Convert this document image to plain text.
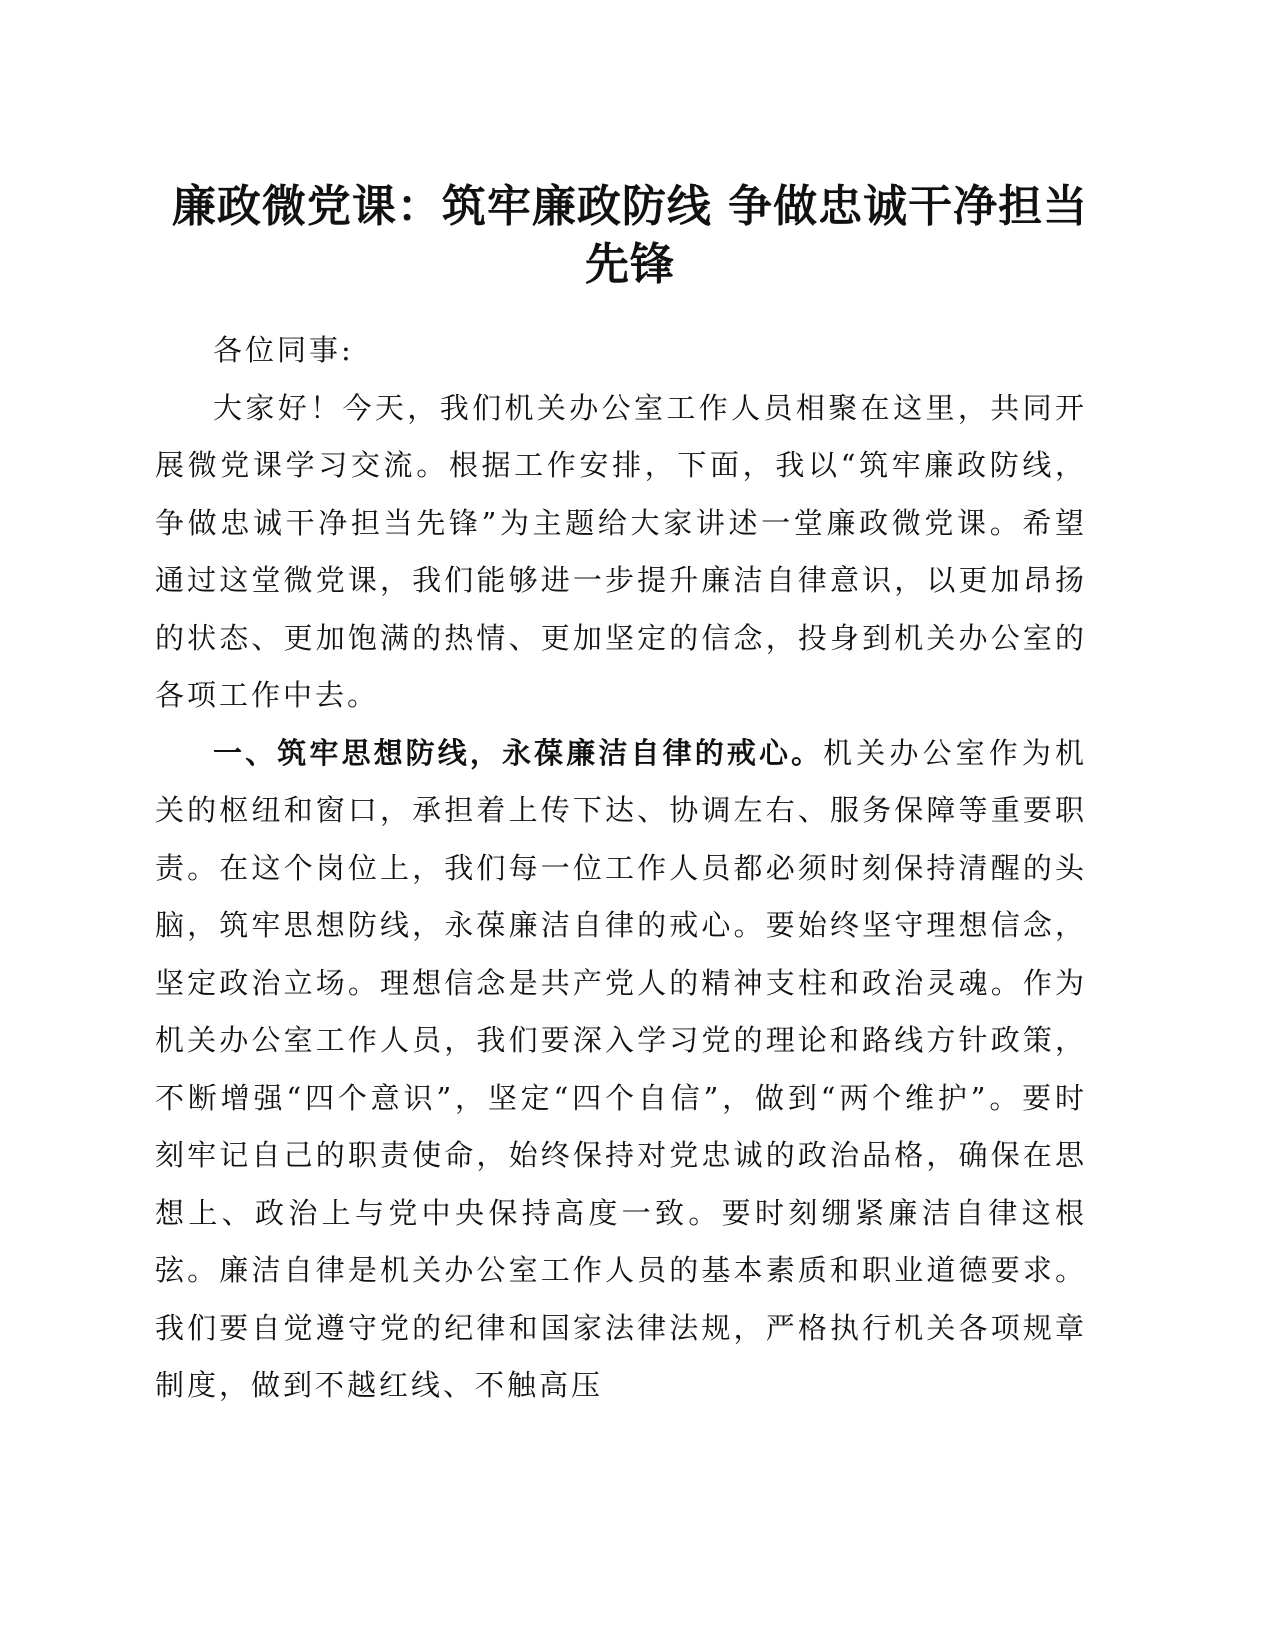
廉政微党课：筑牢廉政防线 争做忠诚干净担当先锋

各位同事:

大家好！今天，我们机关办公室工作人员相聚在这里，共同开展微党课学习交流。根据工作安排，下面，我以“筑牢廉政防线，争做忠诚干净担当先锋”为主题给大家讲述一堂廉政微党课。希望通过这堂微党课，我们能够进一步提升廉洁自律意识，以更加昂扬的状态、更加饱满的热情、更加坚定的信念，投身到机关办公室的各项工作中去。

一、筑牢思想防线，永葆廉洁自律的戒心。机关办公室作为机关的枢纽和窗口，承担着上传下达、协调左右、服务保障等重要职责。在这个岗位上，我们每一位工作人员都必须时刻保持清醒的头脑，筑牢思想防线，永葆廉洁自律的戒心。要始终坚守理想信念，坚定政治立场。理想信念是共产党人的精神支柱和政治灵魂。作为机关办公室工作人员，我们要深入学习党的理论和路线方针政策，不断增强“四个意识”，坚定“四个自信”，做到“两个维护”。要时刻牢记自己的职责使命，始终保持对党忠诚的政治品格，确保在思想上、政治上与党中央保持高度一致。要时刻绷紧廉洁自律这根弦。廉洁自律是机关办公室工作人员的基本素质和职业道德要求。我们要自觉遵守党的纪律和国家法律法规，严格执行机关各项规章制度，做到不越红线、不触高压
